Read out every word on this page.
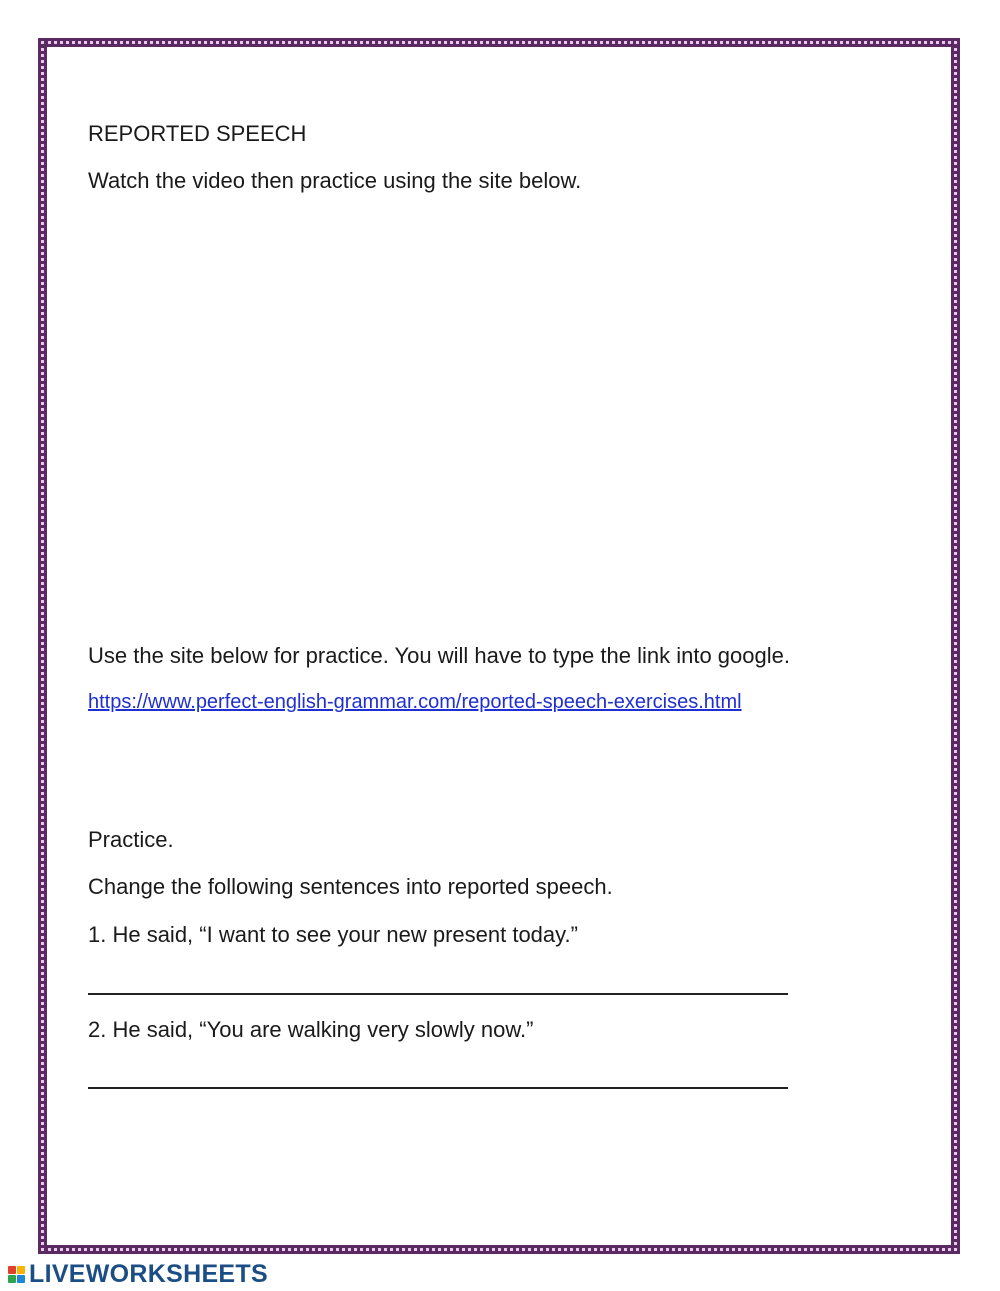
REPORTED SPEECH

Watch the video then practice using the site below.

Use the site below for practice. You will have to type the link into google.

https://www.perfect-english-grammar.com/reported-speech-exercises.html

Practice.

Change the following sentences into reported speech.

1. He said, “I want to see your new present today.”

2. He said, “You are walking very slowly now.”

LIVEWORKSHEETS
